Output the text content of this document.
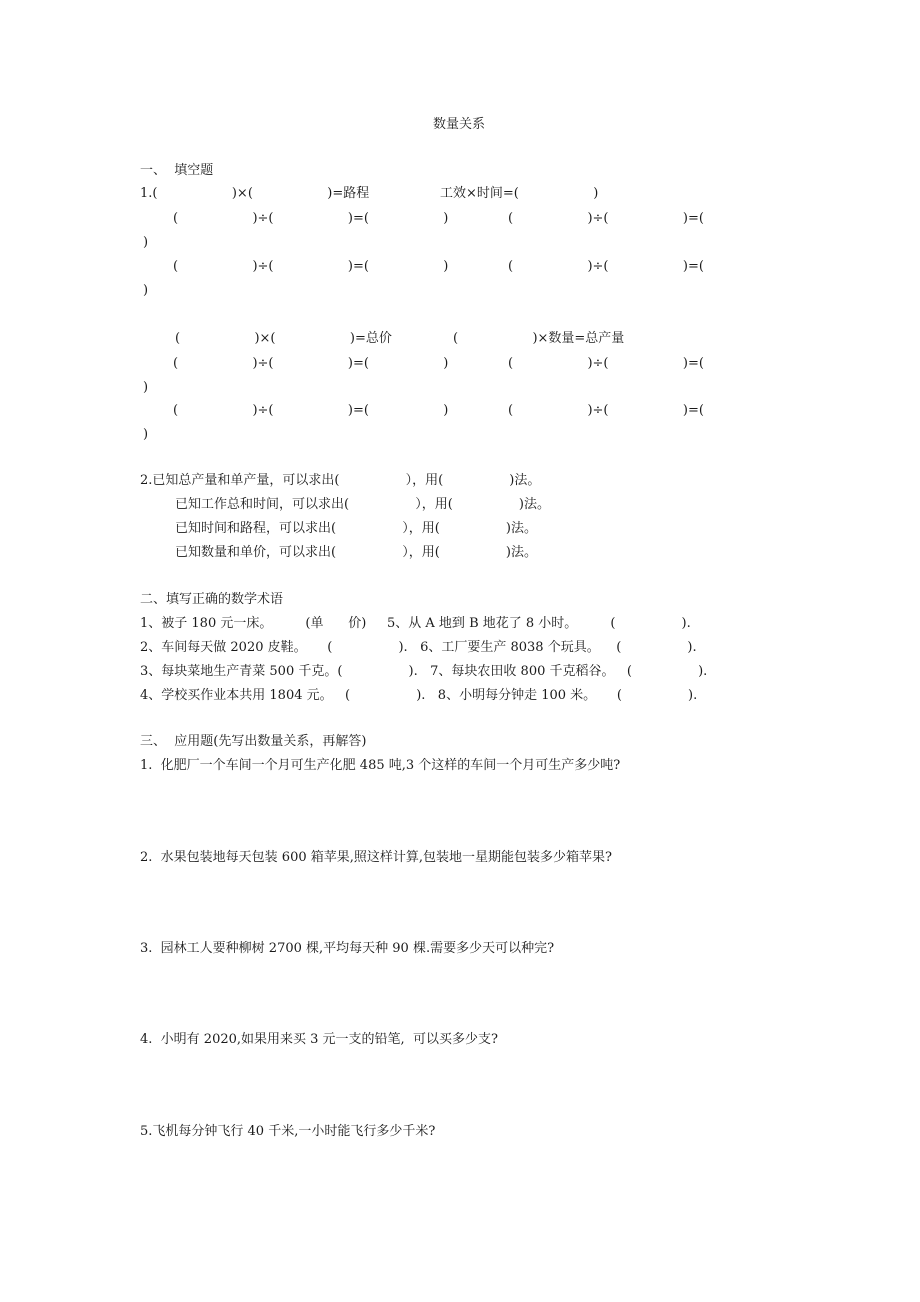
数量关系
一、  填空题
1.(                  )×(                  )=路程	工效×时间=(                  )
(                  )÷(                  )=(                  )	(                  )÷(                  )=(
)
(                  )÷(                  )=(                  )	(                  )÷(                  )=(
)
(                  )×(                  )=总价	(                  )×数量=总产量
(                  )÷(                  )=(                  )	(                  )÷(                  )=(
)
(                  )÷(                  )=(                  )	(                  )÷(                  )=(
)
2.已知总产量和单产量，可以求出(                ），用(                )法。
已知工作总和时间，可以求出(                ），用(                )法。
已知时间和路程，可以求出(                ），用(                )法。
已知数量和单价，可以求出(                ），用(                )法。
二、填写正确的数学术语
1、被子 180 元一床。        (单      价)     5、从 A 地到 B 地花了 8 小时。        (                ).
2、车间每天做 2020 皮鞋。     (                ).   6、工厂要生产 8038 个玩具。    (                ).
3、每块菜地生产青菜 500 千克。(                ).   7、每块农田收 800 千克稻谷。   (                ).
4、学校买作业本共用 1804 元。   (                ).   8、小明每分钟走 100 米。     (                ).
三、  应用题(先写出数量关系，再解答)
1.  化肥厂一个车间一个月可生产化肥 485 吨,3 个这样的车间一个月可生产多少吨?
2.  水果包装地每天包装 600 箱苹果,照这样计算,包装地一星期能包装多少箱苹果?
3.  园林工人要种柳树 2700 棵,平均每天种 90 棵.需要多少天可以种完?
4.  小明有 2020,如果用来买 3 元一支的铅笔,  可以买多少支?
5.飞机每分钟飞行 40 千米,一小时能飞行多少千米?
